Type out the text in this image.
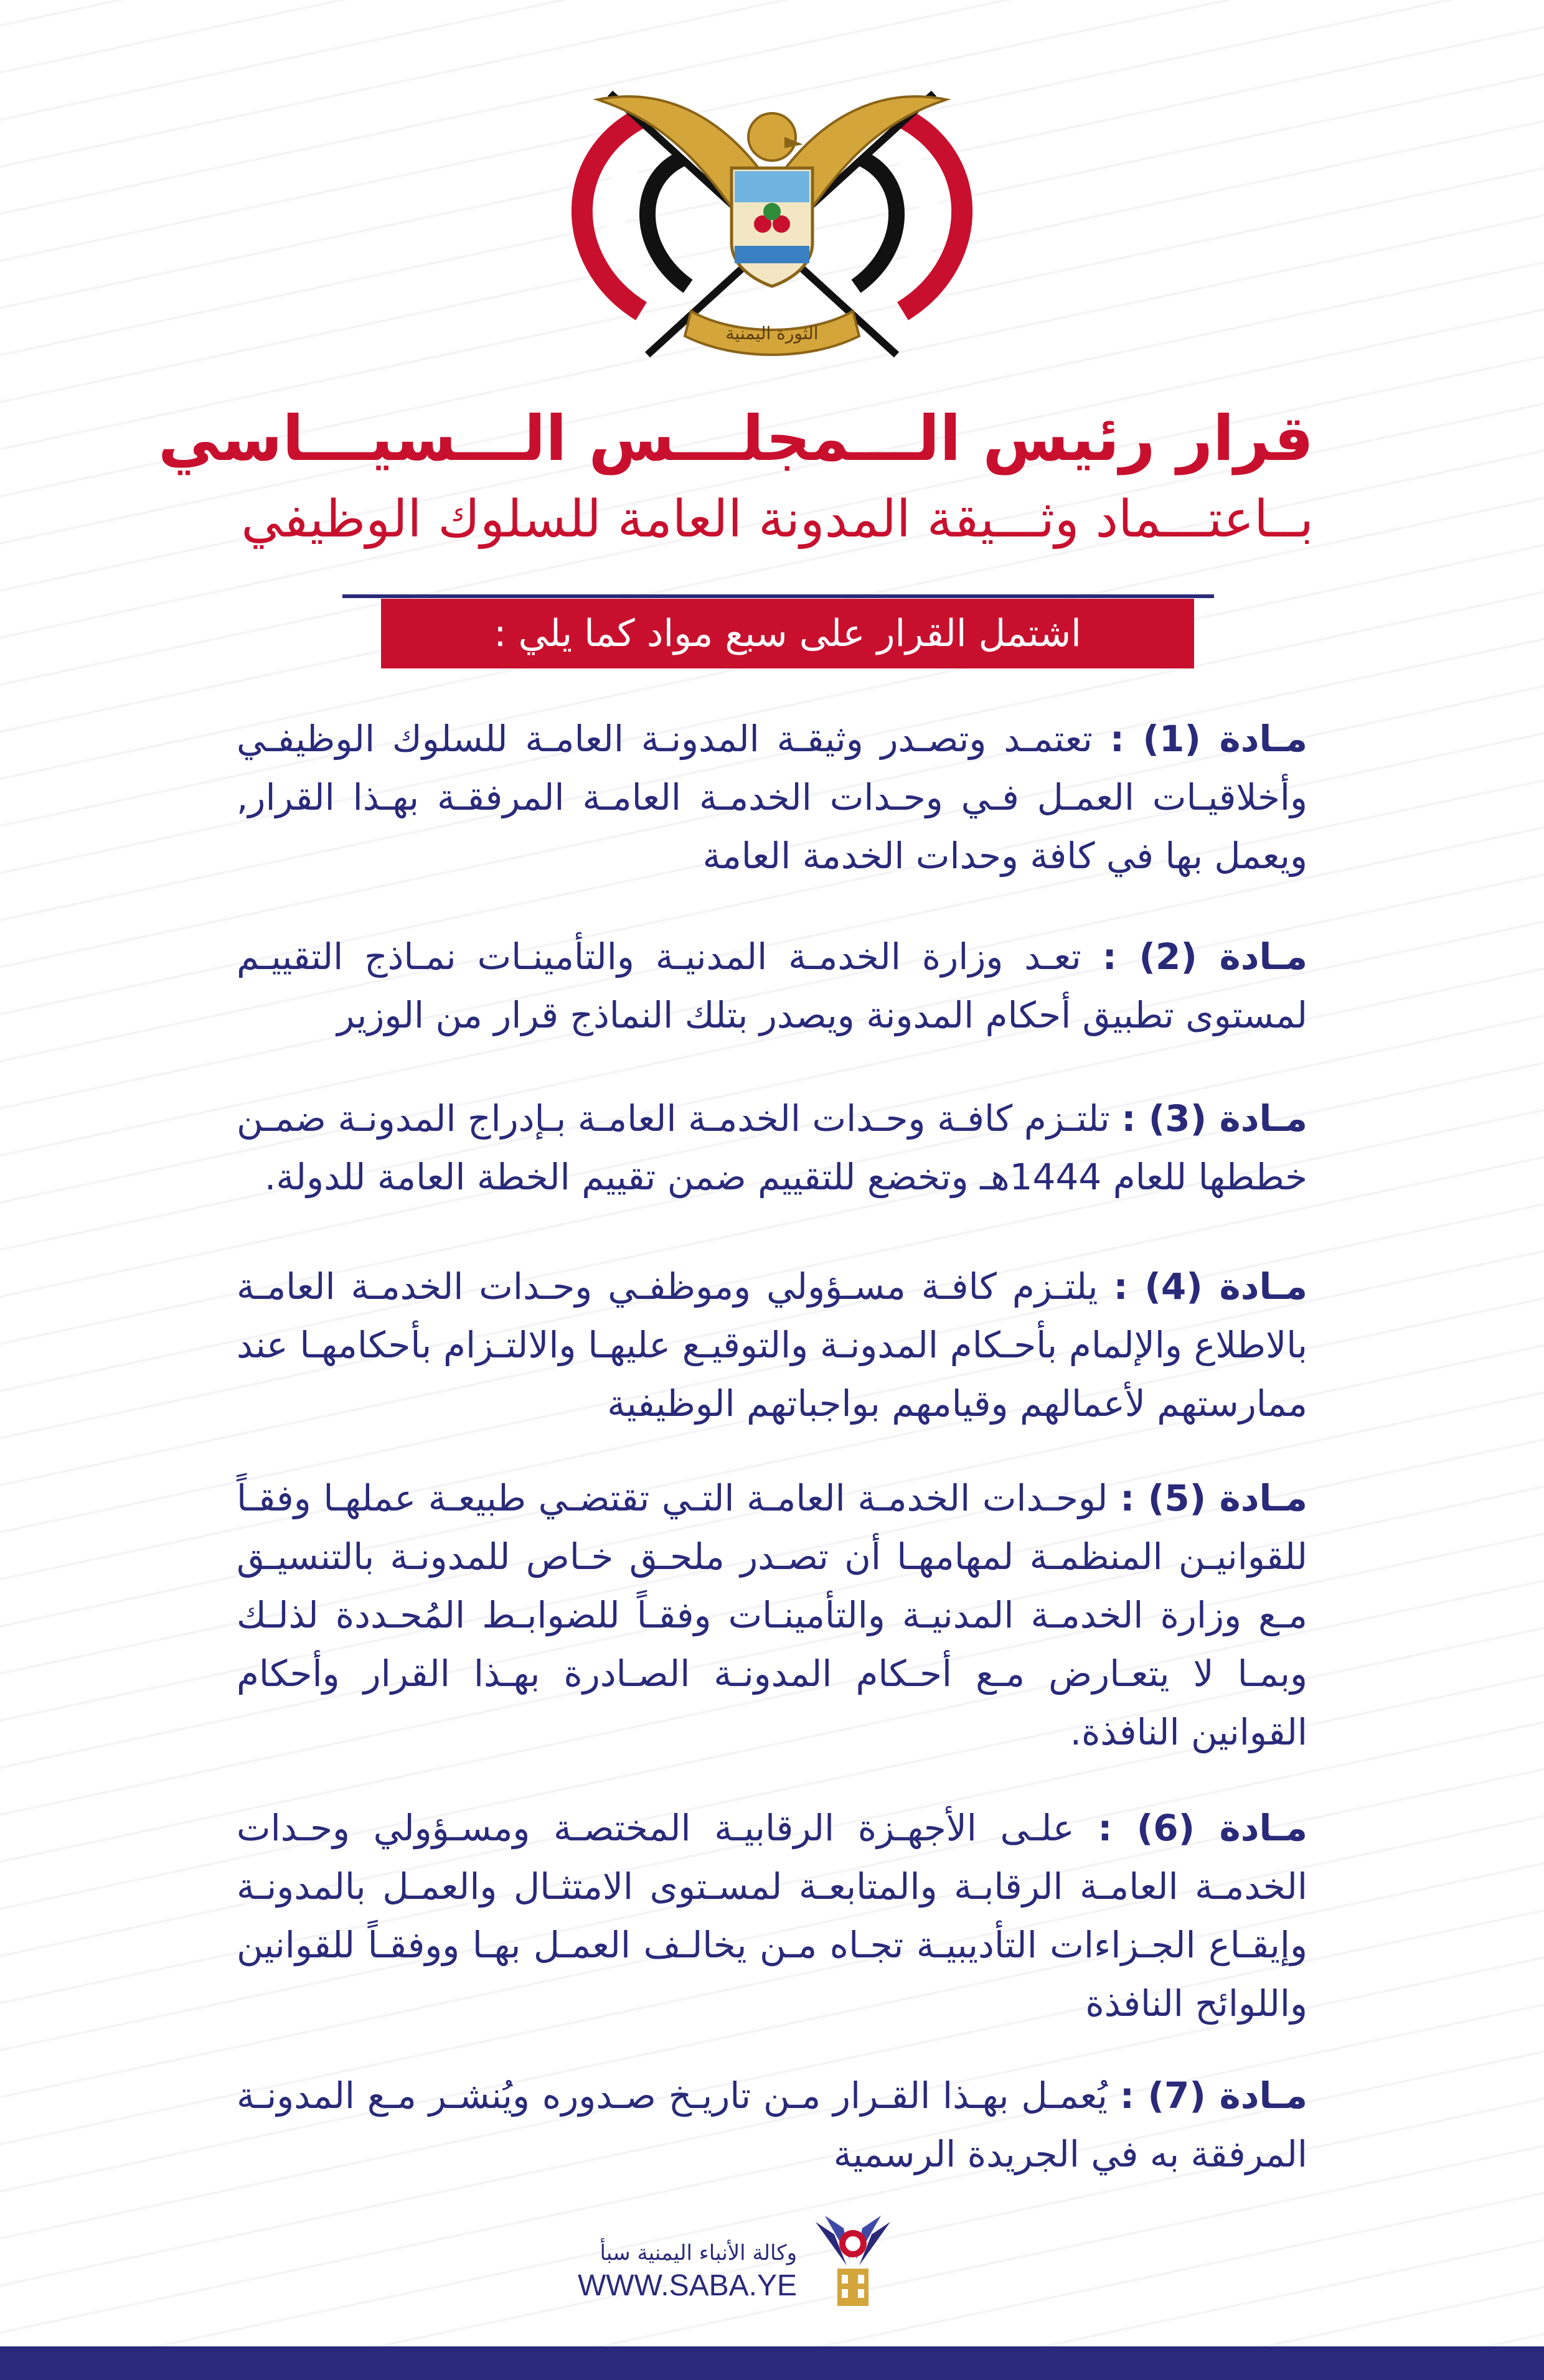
الثورة اليمنية
قرار رئيس الـــمجلـــس الـــسيـــاسي
بــاعتـــماد وثـــيقة المدونة العامة للسلوك الوظيفي
اشتمل القرار على سبع مواد كما يلي :
مـادة (1) : تعتمـد وتصـدر وثيقـة المدونـة العامـة للسلوك الوظيفـي وأخلاقيـات العمـل فـي وحـدات الخدمـة العامـة المرفقـة بهـذا القرار, ويعمل بها في كافة وحدات الخدمة العامة
مـادة (2) : تعـد وزارة الخدمـة المدنيـة والتأمينـات نمـاذج التقييـم لمستوى تطبيق أحكام المدونة ويصدر بتلك النماذج قرار من الوزير
مـادة (3) : تلتـزم كافـة وحـدات الخدمـة العامـة بـإدراج المدونـة ضمـن خططها للعام 1444هـ وتخضع للتقييم ضمن تقييم الخطة العامة للدولة.
مـادة (4) : يلتـزم كافـة مسـؤولي وموظفـي وحـدات الخدمـة العامـة بالاطلاع والإلمام بأحـكام المدونـة والتوقيـع عليهـا والالتـزام بأحكامهـا عند ممارستهم لأعمالهم وقيامهم بواجباتهم الوظيفية
مـادة (5) : لوحـدات الخدمـة العامـة التـي تقتضـي طبيعـة عملهـا وفقـاً للقوانيـن المنظمـة لمهامهـا أن تصـدر ملحـق خـاص للمدونـة بالتنسيـق مـع وزارة الخدمـة المدنيـة والتأمينـات وفقـاً للضوابـط المُحـددة لذلـك وبمـا لا يتعـارض مـع أحـكام المدونـة الصـادرة بهـذا القرار وأحكام القوانين النافذة.
مـادة (6) : علـى الأجهـزة الرقابيـة المختصـة ومسـؤولي وحـدات الخدمـة العامـة الرقابـة والمتابعـة لمسـتوى الامتثـال والعمـل بالمدونـة وإيقـاع الجـزاءات التأديبيـة تجـاه مـن يخالـف العمـل بهـا ووفقـاً للقوانين واللوائح النافذة
مـادة (7) : يُعمـل بهـذا القـرار مـن تاريـخ صـدوره ويُنشـر مـع المدونـة المرفقة به في الجريدة الرسمية
وكالة الأنباء اليمنية سبأ
WWW.SABA.YE
